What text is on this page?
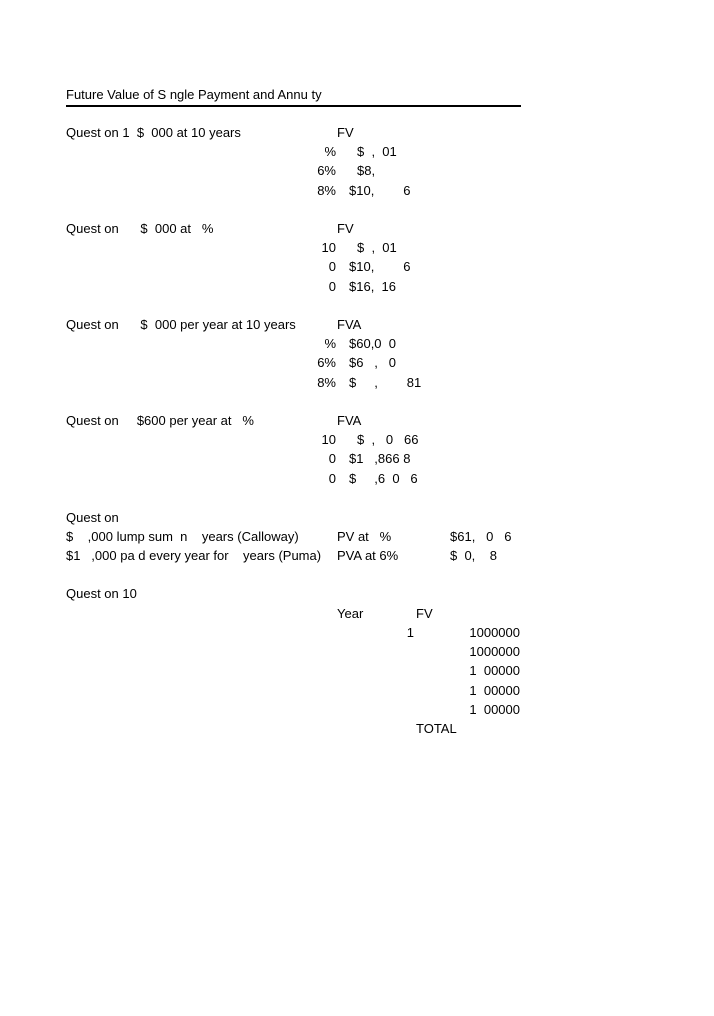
Future Value of S ngle Payment and Annu ty
Quest on 1  $  000 at 10 years	FV
% $  ,  01
6% $8,
8% $10,        6
Quest on      $  000 at   %	FV
10 $  ,  01
0 $10,        6
0 $16,  16
Quest on      $  000 per year at 10 years	FVA
% $60,0  0
6% $6   ,   0
8% $     ,        81
Quest on     $600 per year at   %	FVA
10 $  ,   0   66
0 $1   ,866 8
0 $     ,6  0   6
Quest on
$    ,000 lump sum  n    years (Calloway)	PV at   %	$61,   0   6
$1   ,000 pa d every year for    years (Puma) PVA at 6%	$  0,    8
Quest on 10
Year	FV
1	1000000
1000000
1  00000
1  00000
1  00000
TOTAL
